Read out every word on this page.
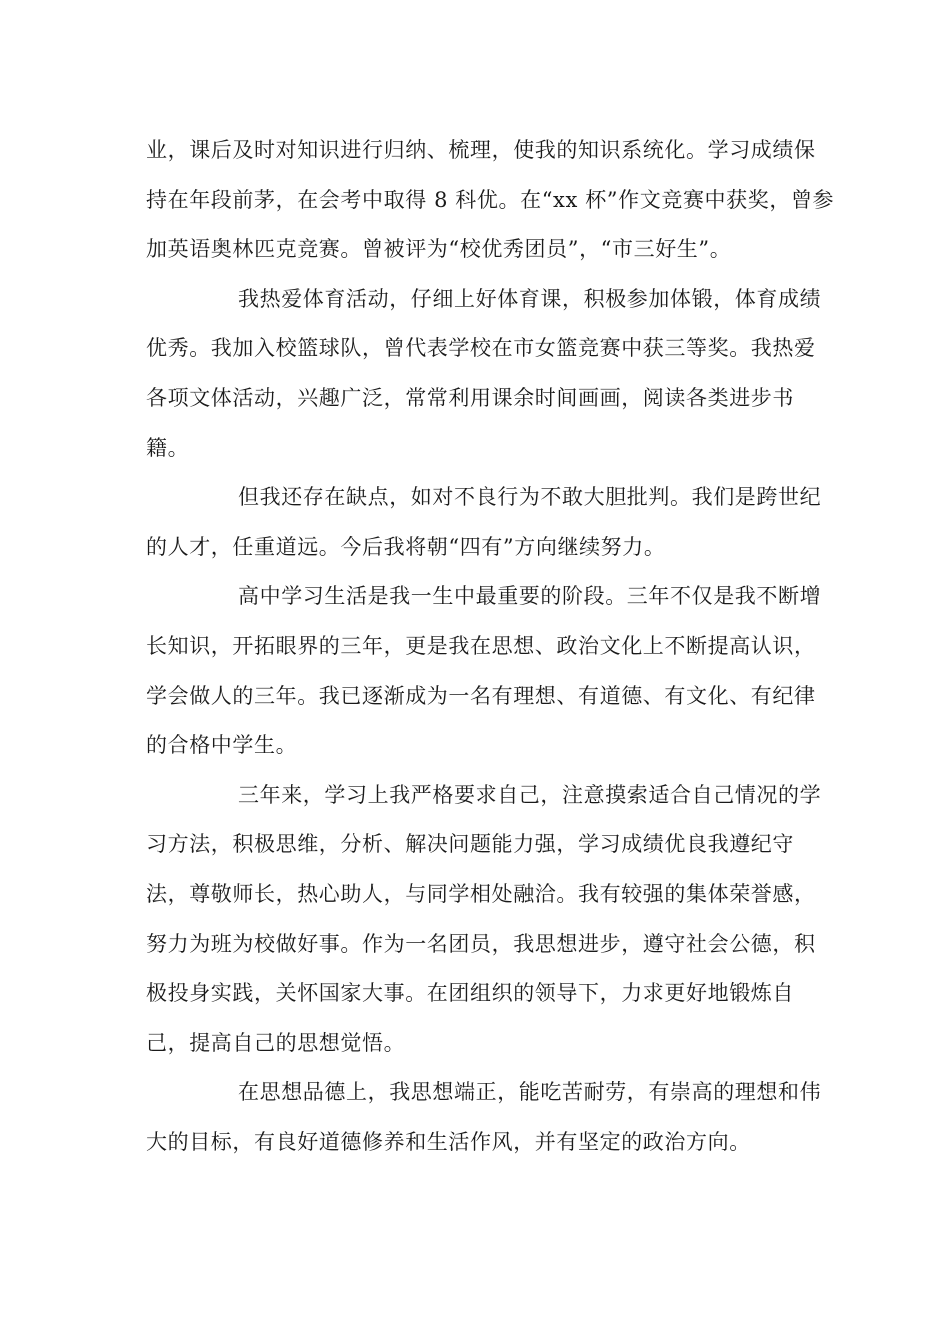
业，课后及时对知识进行归纳、梳理，使我的知识系统化。学习成绩保持在年段前茅，在会考中取得 8 科优。在“xx 杯”作文竞赛中获奖，曾参加英语奥林匹克竞赛。曾被评为“校优秀团员”，“市三好生”。

我热爱体育活动，仔细上好体育课，积极参加体锻，体育成绩优秀。我加入校篮球队，曾代表学校在市女篮竞赛中获三等奖。我热爱各项文体活动，兴趣广泛，常常利用课余时间画画，阅读各类进步书籍。

但我还存在缺点，如对不良行为不敢大胆批判。我们是跨世纪的人才，任重道远。今后我将朝“四有”方向继续努力。

高中学习生活是我一生中最重要的阶段。三年不仅是我不断增长知识，开拓眼界的三年，更是我在思想、政治文化上不断提高认识，学会做人的三年。我已逐渐成为一名有理想、有道德、有文化、有纪律的合格中学生。

三年来，学习上我严格要求自己，注意摸索适合自己情况的学习方法，积极思维，分析、解决问题能力强，学习成绩优良我遵纪守法，尊敬师长，热心助人，与同学相处融洽。我有较强的集体荣誉感，努力为班为校做好事。作为一名团员，我思想进步，遵守社会公德，积极投身实践，关怀国家大事。在团组织的领导下，力求更好地锻炼自己，提高自己的思想觉悟。

在思想品德上，我思想端正，能吃苦耐劳，有崇高的理想和伟大的目标，有良好道德修养和生活作风，并有坚定的政治方向。
